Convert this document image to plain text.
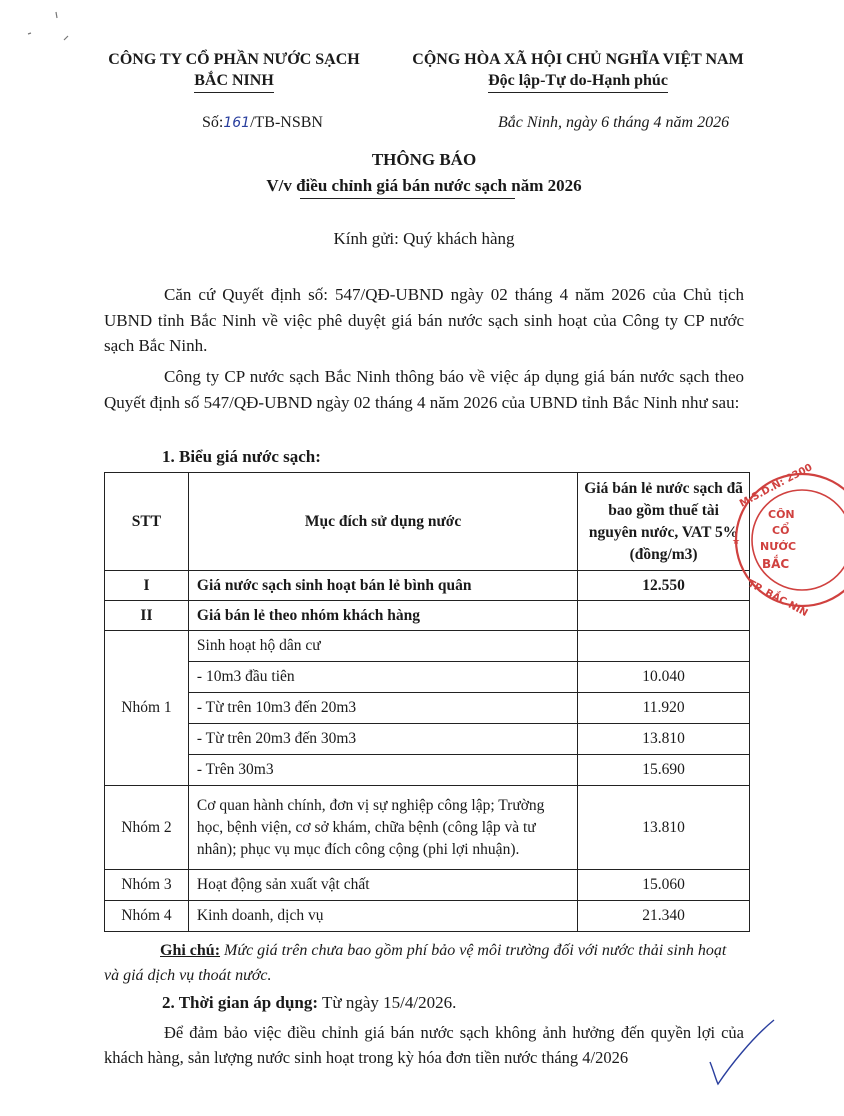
CÔNG TY CỔ PHẦN NƯỚC SẠCH
BẮC NINH
CỘNG HÒA XÃ HỘI CHỦ NGHĨA VIỆT NAM
Độc lập-Tự do-Hạnh phúc
Số:161/TB-NSBN	Bắc Ninh, ngày 6 tháng 4 năm 2026
THÔNG BÁO
V/v điều chỉnh giá bán nước sạch năm 2026
Kính gửi: Quý khách hàng

Căn cứ Quyết định số: 547/QĐ-UBND ngày 02 tháng 4 năm 2026 của Chủ tịch UBND tỉnh Bắc Ninh về việc phê duyệt giá bán nước sạch sinh hoạt của Công ty CP nước sạch Bắc Ninh.

Công ty CP nước sạch Bắc Ninh thông báo về việc áp dụng giá bán nước sạch theo Quyết định số 547/QĐ-UBND ngày 02 tháng 4 năm 2026 của UBND tỉnh Bắc Ninh như sau:

1. Biểu giá nước sạch:
STT	Mục đích sử dụng nước	Giá bán lẻ nước sạch đã bao gồm thuế tài nguyên nước, VAT 5% (đồng/m3)
I	Giá nước sạch sinh hoạt bán lẻ bình quân	12.550
II	Giá bán lẻ theo nhóm khách hàng	
Nhóm 1	Sinh hoạt hộ dân cư	
	- 10m3 đầu tiên	10.040
	- Từ trên 10m3 đến 20m3	11.920
	- Từ trên 20m3 đến 30m3	13.810
	- Trên 30m3	15.690
Nhóm 2	Cơ quan hành chính, đơn vị sự nghiệp công lập; Trường học, bệnh viện, cơ sở khám, chữa bệnh (công lập và tư nhân); phục vụ mục đích công cộng (phi lợi nhuận).	13.810
Nhóm 3	Hoạt động sản xuất vật chất	15.060
Nhóm 4	Kinh doanh, dịch vụ	21.340

Ghi chú: Mức giá trên chưa bao gồm phí bảo vệ môi trường đối với nước thải sinh hoạt và giá dịch vụ thoát nước.

2. Thời gian áp dụng: Từ ngày 15/4/2026.

Để đảm bảo việc điều chỉnh giá bán nước sạch không ảnh hưởng đến quyền lợi của khách hàng, sản lượng nước sinh hoạt trong kỳ hóa đơn tiền nước tháng 4/2026

M.S.D.N: 2300
TP. BẮC NIN
CÔN
CỔ
NƯỚC
BẮC
★
